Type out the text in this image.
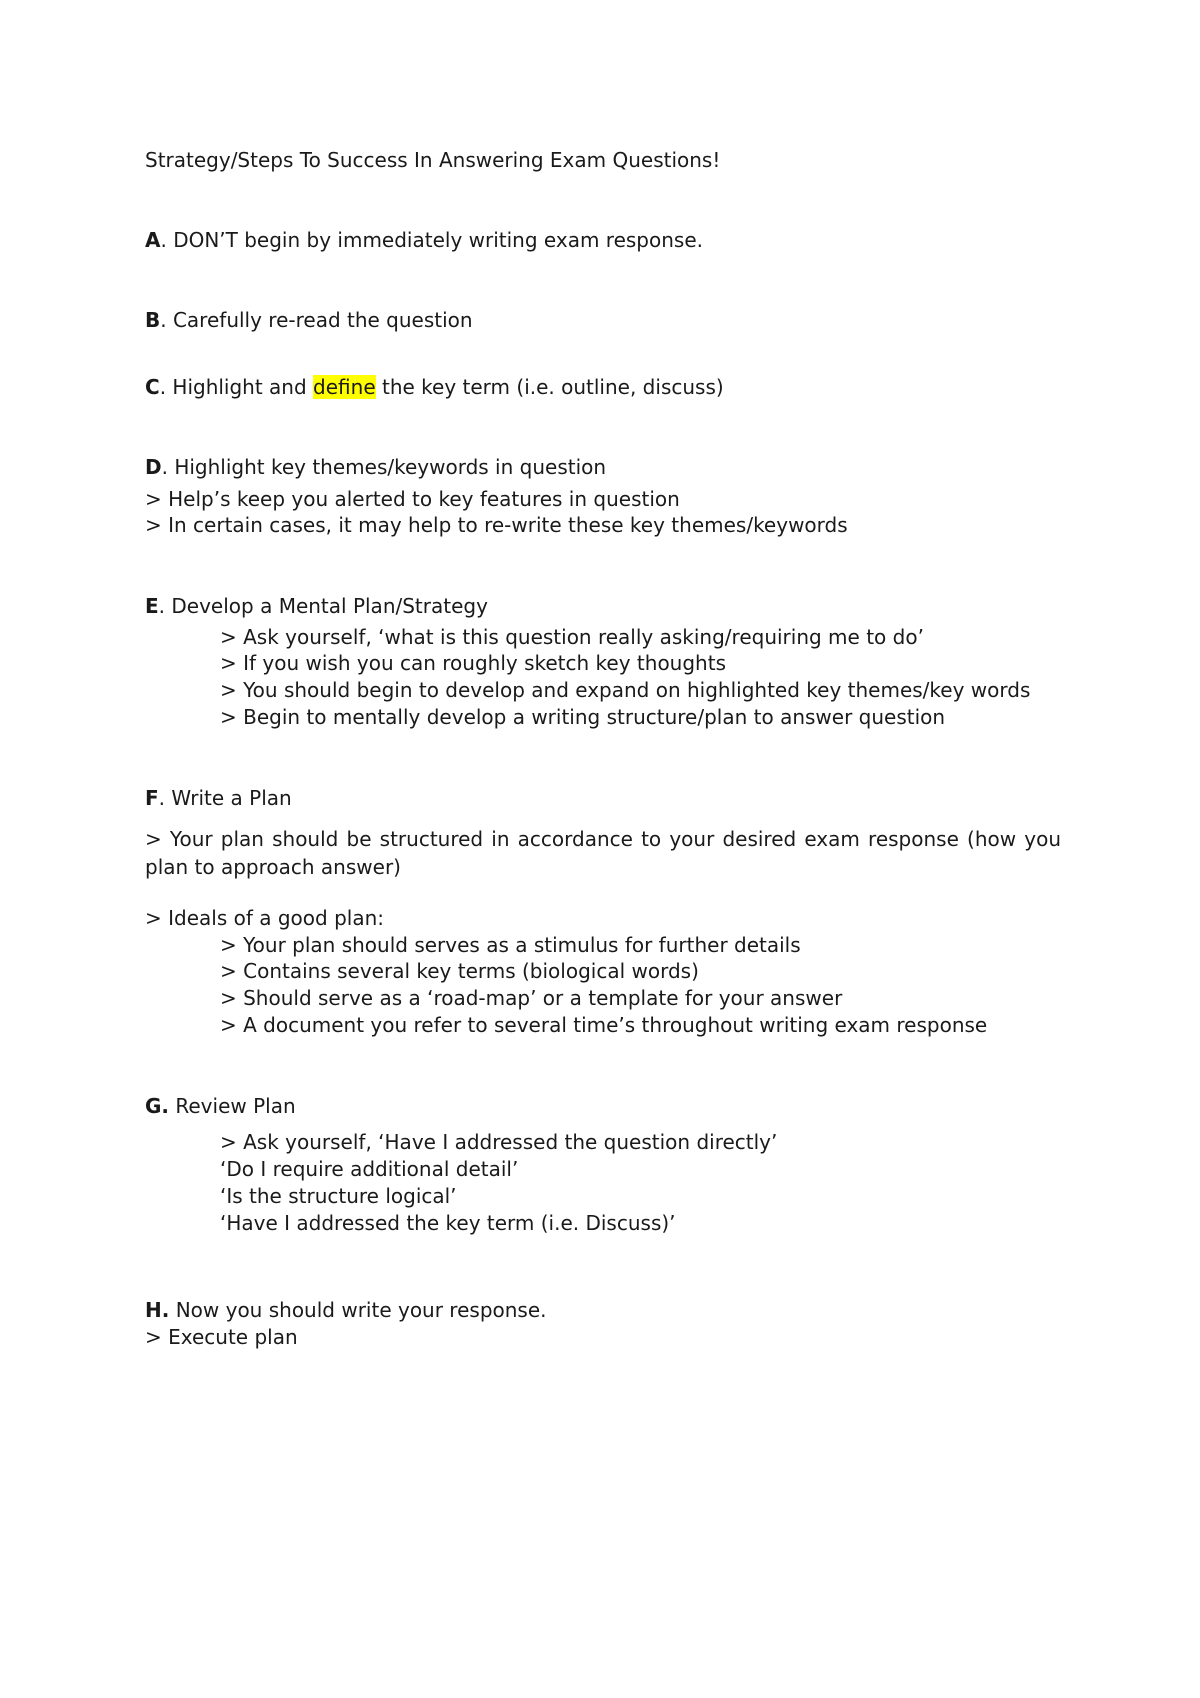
Strategy/Steps To Success In Answering Exam Questions!
A. DON’T begin by immediately writing exam response.
B. Carefully re-read the question
C. Highlight and define the key term (i.e. outline, discuss)
D. Highlight key themes/keywords in question
> Help’s keep you alerted to key features in question
> In certain cases, it may help to re-write these key themes/keywords
E. Develop a Mental Plan/Strategy
> Ask yourself, ‘what is this question really asking/requiring me to do’
> If you wish you can roughly sketch key thoughts
> You should begin to develop and expand on highlighted key themes/key words
> Begin to mentally develop a writing structure/plan to answer question
F. Write a Plan
> Your plan should be structured in accordance to your desired exam response (how you plan to approach answer)
> Ideals of a good plan:
> Your plan should serves as a stimulus for further details
> Contains several key terms (biological words)
> Should serve as a ‘road-map’ or a template for your answer
> A document you refer to several time’s throughout writing exam response
G. Review Plan
> Ask yourself, ‘Have I addressed the question directly’
‘Do I require additional detail’
‘Is the structure logical’
‘Have I addressed the key term (i.e. Discuss)’
H. Now you should write your response.
> Execute plan
